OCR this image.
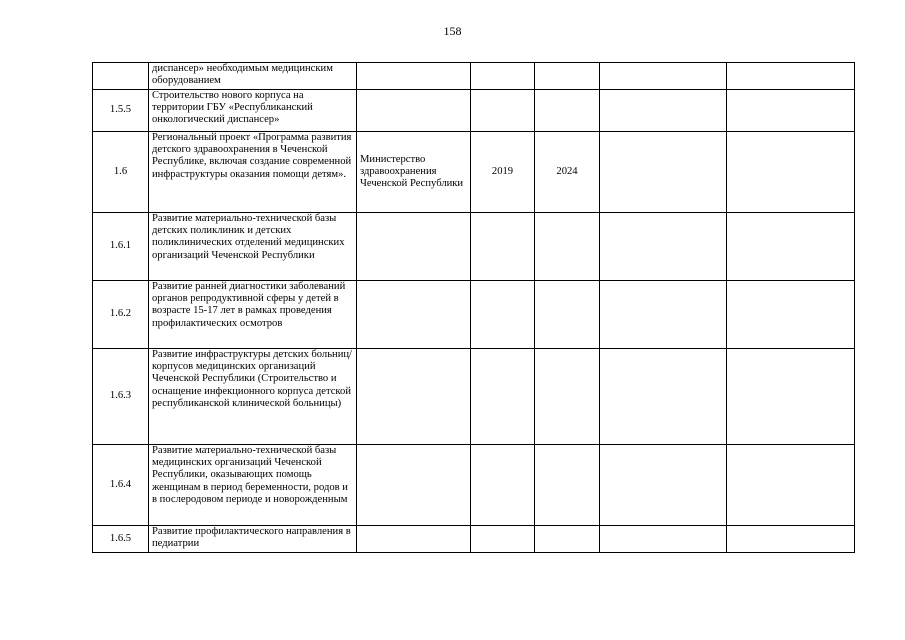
158
	диспансер» необходимым медицинским оборудованием					
1.5.5	Строительство нового корпуса на территории ГБУ «Республиканский онкологический диспансер»					
1.6	Региональный проект «Программа развития детского здравоохранения в Чеченской Республике, включая создание современной инфраструктуры оказания помощи детям».	Министерство здравоохранения Чеченской Республики	2019	2024		
1.6.1	Развитие материально-технической базы детских поликлиник и детских поликлинических отделений медицинских организаций Чеченской Республики					
1.6.2	Развитие ранней диагностики заболеваний органов репродуктивной сферы у детей в возрасте 15-17 лет в рамках проведения профилактических осмотров					
1.6.3	Развитие инфраструктуры детских больниц/корпусов медицинских организаций Чеченской Республики (Строительство и оснащение инфекционного корпуса детской республиканской клинической больницы)					
1.6.4	Развитие материально-технической базы медицинских организаций Чеченской Республики, оказывающих помощь женщинам в период беременности, родов и в послеродовом периоде и новорожденным					
1.6.5	Развитие профилактического направления в педиатрии					
